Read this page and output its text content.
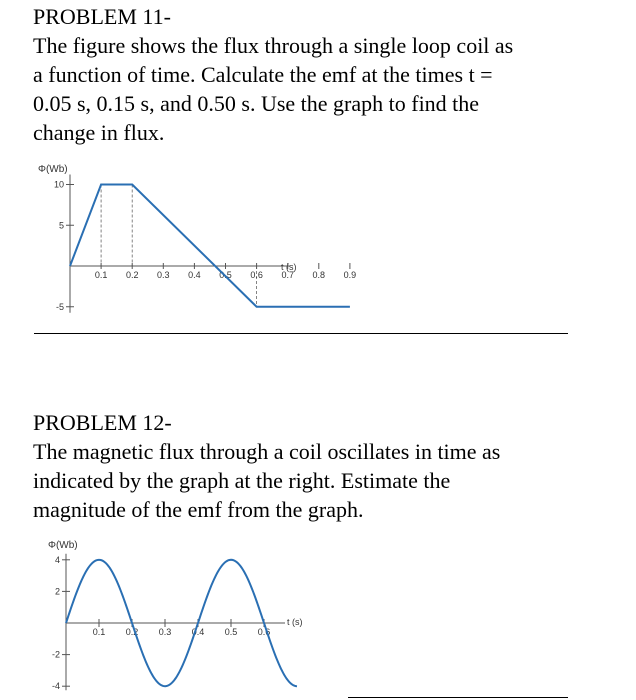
PROBLEM 11-
The figure shows the flux through a single loop coil as
a function of time. Calculate the emf at the times t =
0.05 s, 0.15 s, and 0.50 s. Use the graph to find the
change in flux.
Φ(Wb)
t (s)
0.1 0.2 0.3 0.4 0.5 0.6 0.7 0.8 0.9
10
5
-5
PROBLEM 12-
The magnetic flux through a coil oscillates in time as
indicated by the graph at the right. Estimate the
magnitude of the emf from the graph.
Φ(Wb)
t (s)
0.1 0.2 0.3 0.4 0.5 0.6
4
2
-2
-4
